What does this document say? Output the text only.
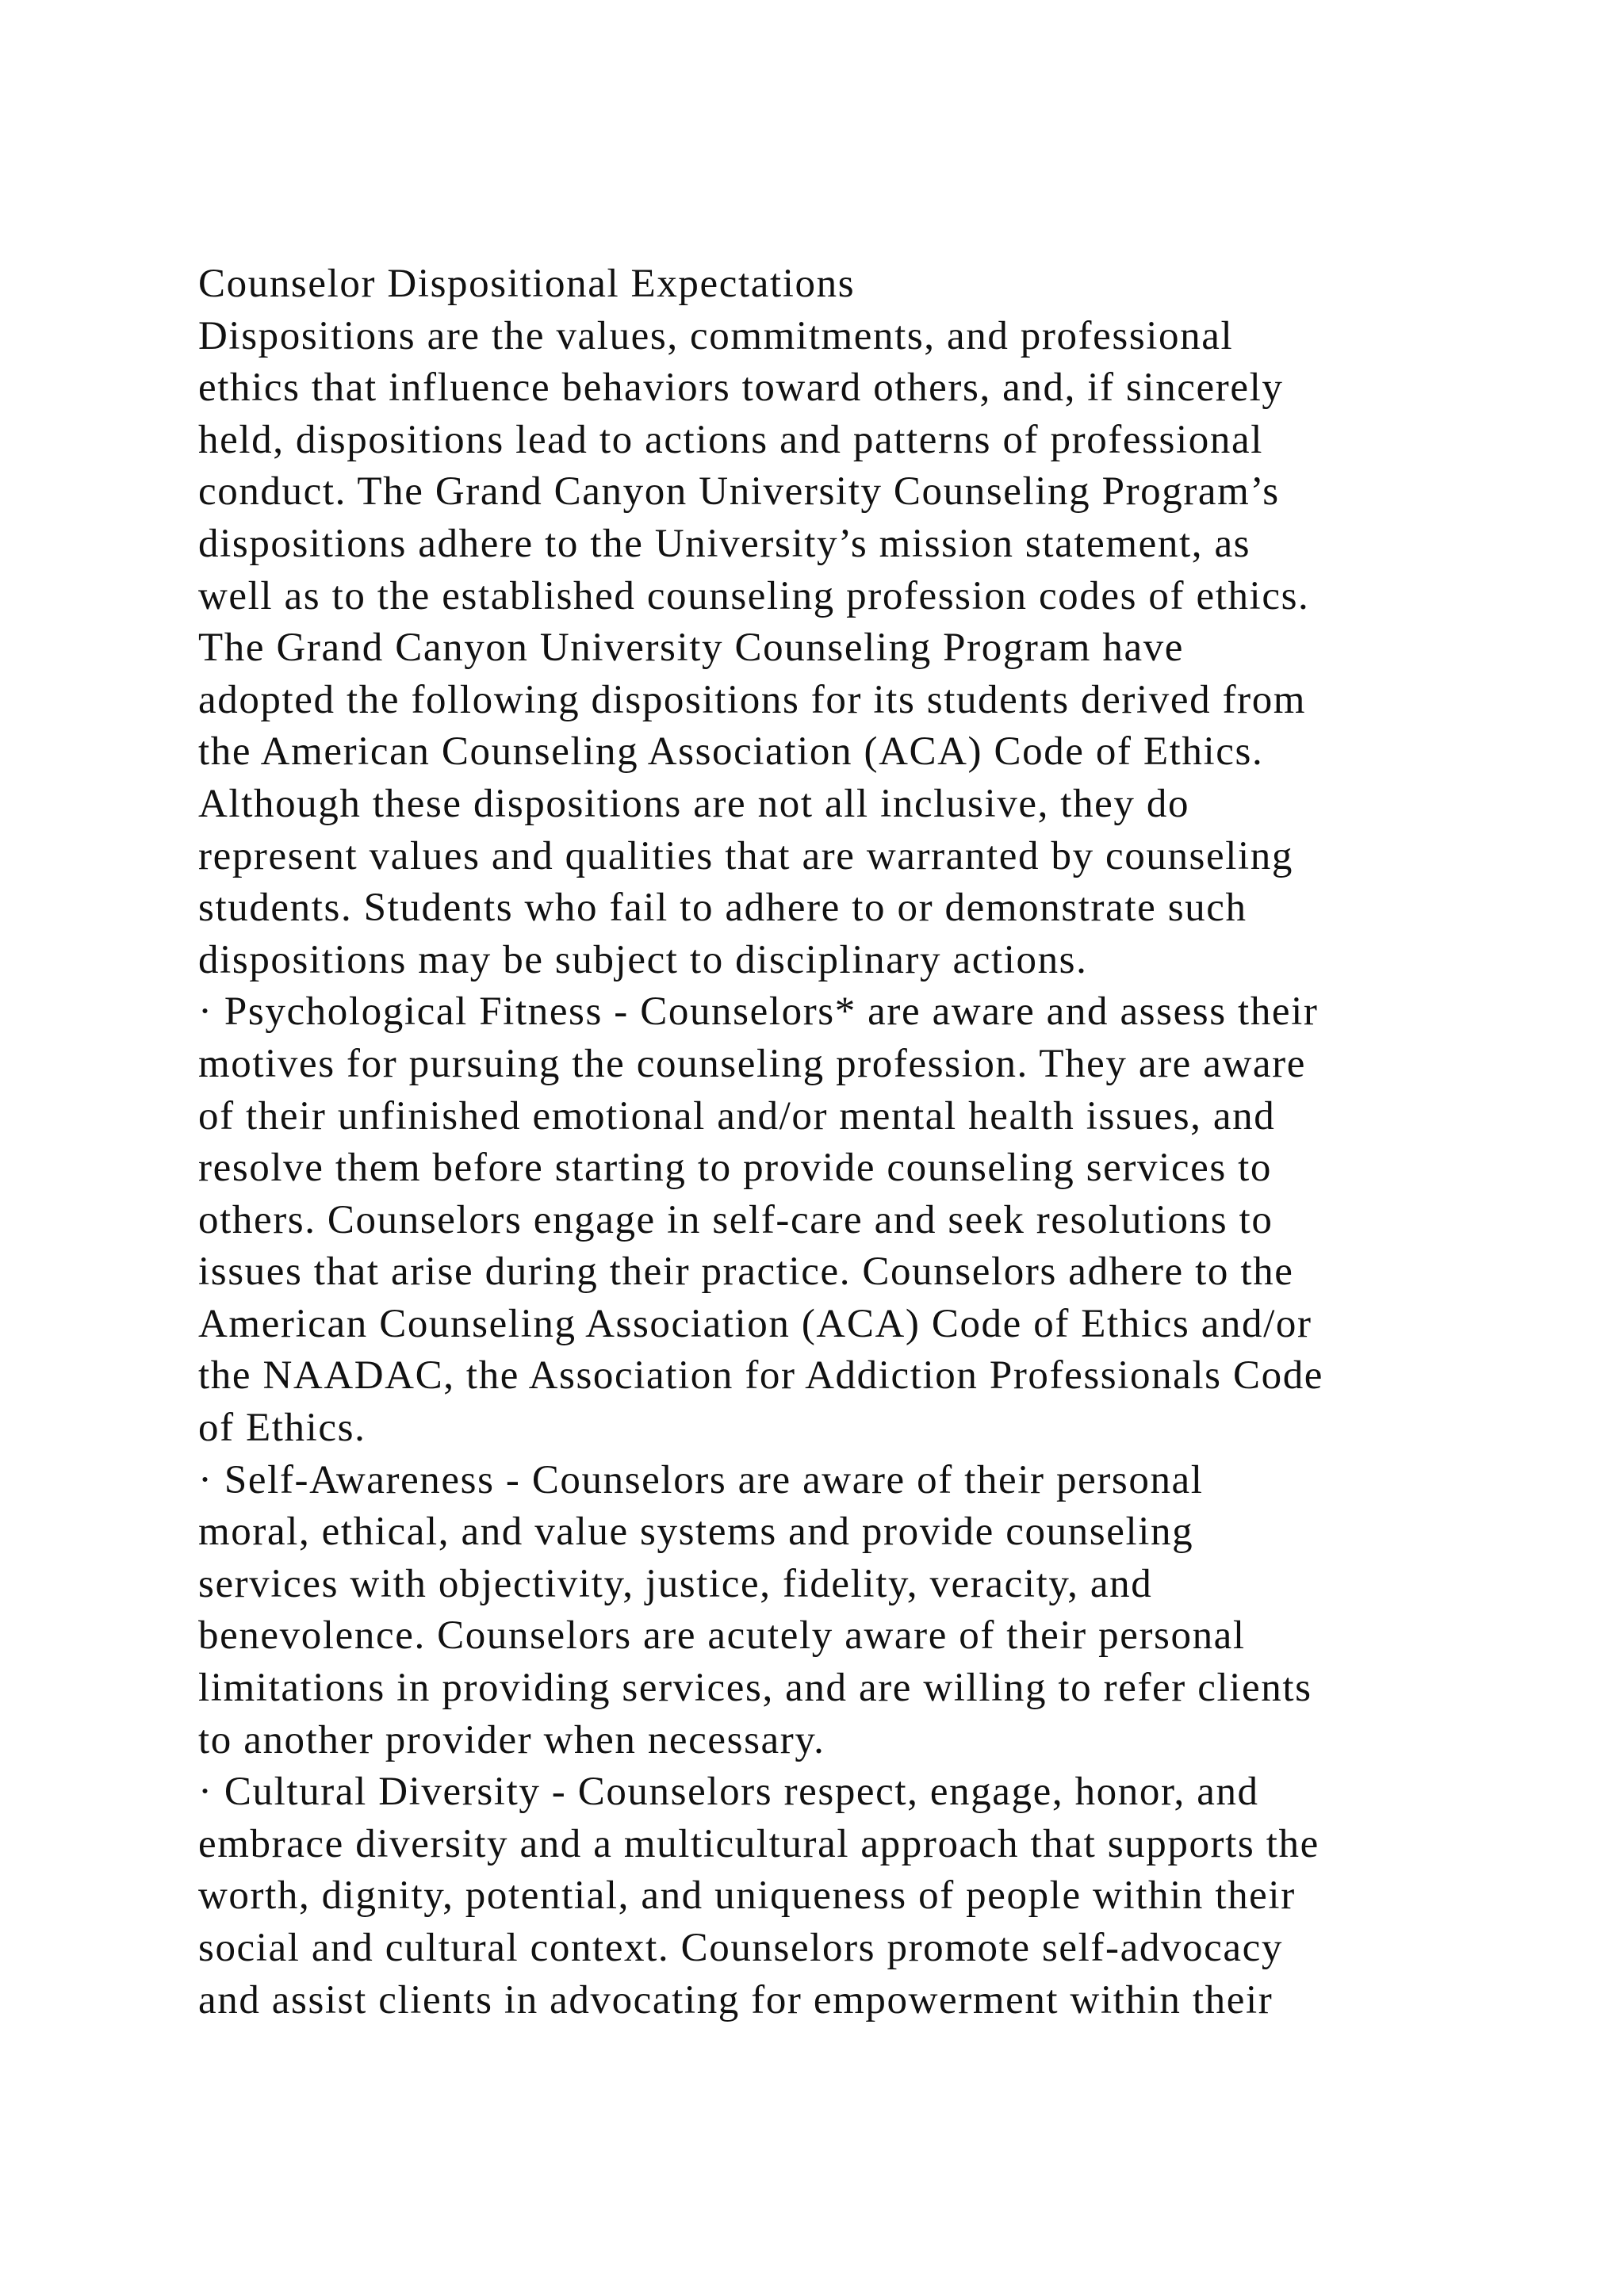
Counselor Dispositional Expectations
Dispositions are the values, commitments, and professional
ethics that influence behaviors toward others, and, if sincerely
held, dispositions lead to actions and patterns of professional
conduct. The Grand Canyon University Counseling Program’s
dispositions adhere to the University’s mission statement, as
well as to the established counseling profession codes of ethics.
The Grand Canyon University Counseling Program have
adopted the following dispositions for its students derived from
the American Counseling Association (ACA) Code of Ethics.
Although these dispositions are not all inclusive, they do
represent values and qualities that are warranted by counseling
students. Students who fail to adhere to or demonstrate such
dispositions may be subject to disciplinary actions.
· Psychological Fitness - Counselors* are aware and assess their
motives for pursuing the counseling profession. They are aware
of their unfinished emotional and/or mental health issues, and
resolve them before starting to provide counseling services to
others. Counselors engage in self-care and seek resolutions to
issues that arise during their practice. Counselors adhere to the
American Counseling Association (ACA) Code of Ethics and/or
the NAADAC, the Association for Addiction Professionals Code
of Ethics.
· Self-Awareness - Counselors are aware of their personal
moral, ethical, and value systems and provide counseling
services with objectivity, justice, fidelity, veracity, and
benevolence. Counselors are acutely aware of their personal
limitations in providing services, and are willing to refer clients
to another provider when necessary.
· Cultural Diversity - Counselors respect, engage, honor, and
embrace diversity and a multicultural approach that supports the
worth, dignity, potential, and uniqueness of people within their
social and cultural context. Counselors promote self-advocacy
and assist clients in advocating for empowerment within their
